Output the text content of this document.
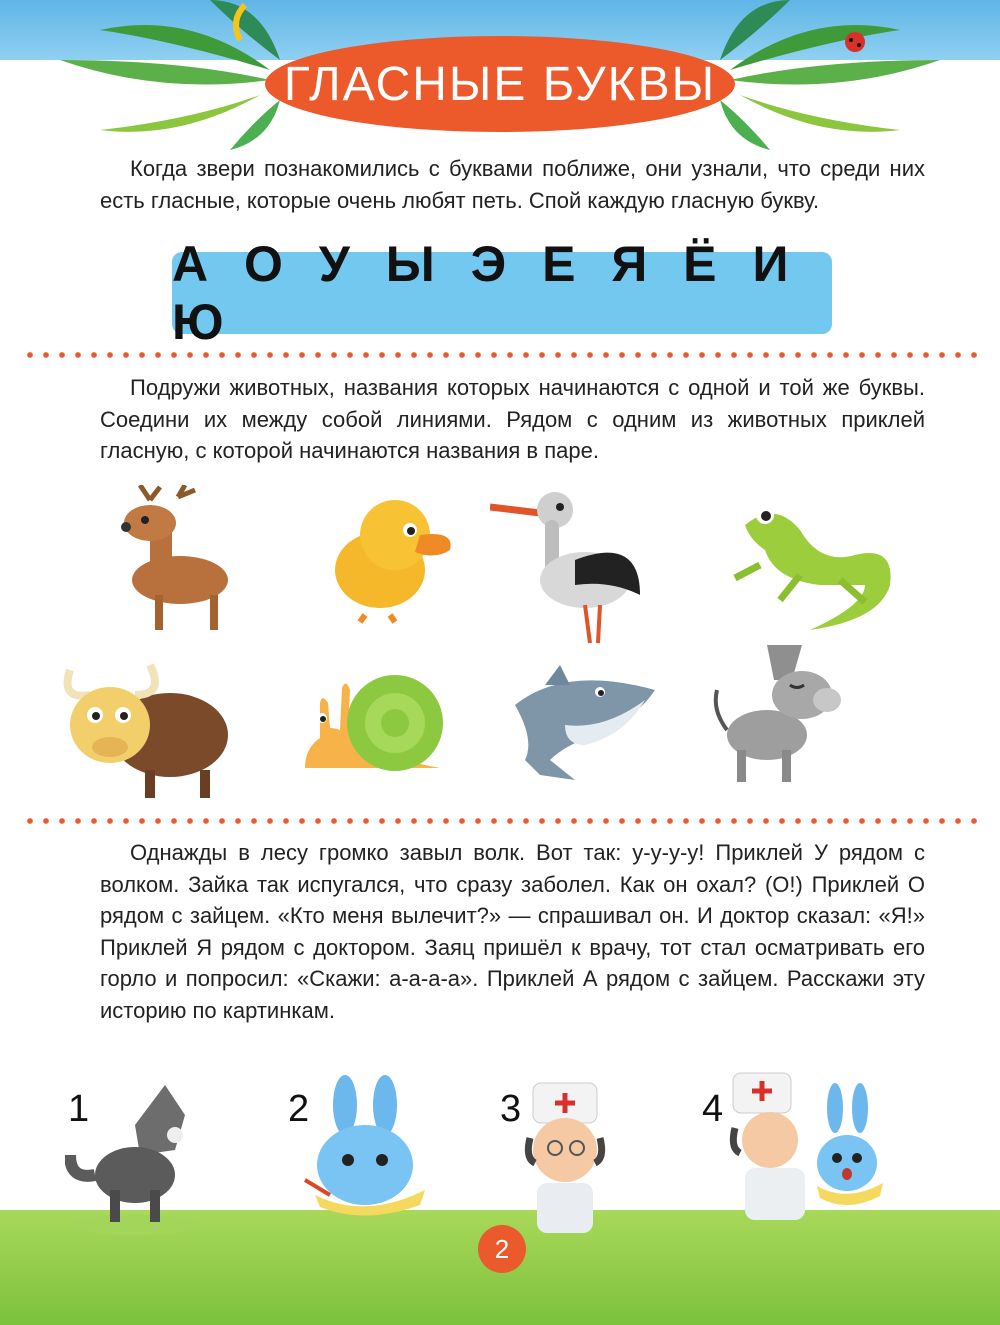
ГЛАСНЫЕ БУКВЫ

Когда звери познакомились с буквами поближе, они узнали, что среди них есть гласные, которые очень любят петь. Спой каждую гласную букву.

А О У Ы Э Е Я Ё И Ю

Подружи животных, названия которых начинаются с одной и той же буквы. Соедини их между собой линиями. Рядом с одним из животных приклей гласную, с которой начинаются названия в паре.

Однажды в лесу громко завыл волк. Вот так: у-у-у-у! Приклей У рядом с волком. Зайка так испугался, что сразу заболел. Как он охал? (О!) Приклей О рядом с зайцем. «Кто меня вылечит?» — спрашивал он. И доктор сказал: «Я!» Приклей Я рядом с доктором. Заяц пришёл к врачу, тот стал осматривать его горло и попросил: «Скажи: а-а-а-а». Приклей А рядом с зайцем. Расскажи эту историю по картинкам.

1	2	3	4
2
